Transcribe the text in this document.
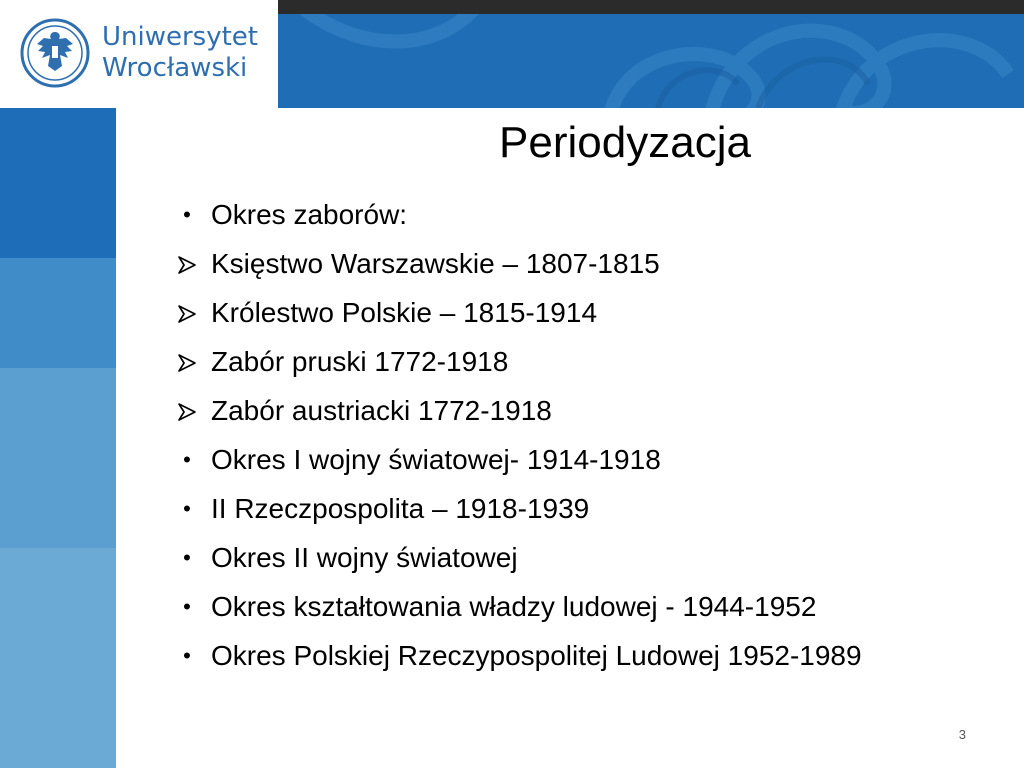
Uniwersytet
Wrocławski
Periodyzacja
• Okres zaborów:
Księstwo Warszawskie – 1807-1815
Królestwo Polskie – 1815-1914
Zabór pruski 1772-1918
Zabór austriacki 1772-1918
• Okres I wojny światowej- 1914-1918
• II Rzeczpospolita – 1918-1939
• Okres II wojny światowej
• Okres kształtowania władzy ludowej - 1944-1952
• Okres Polskiej Rzeczypospolitej Ludowej 1952-1989
3
